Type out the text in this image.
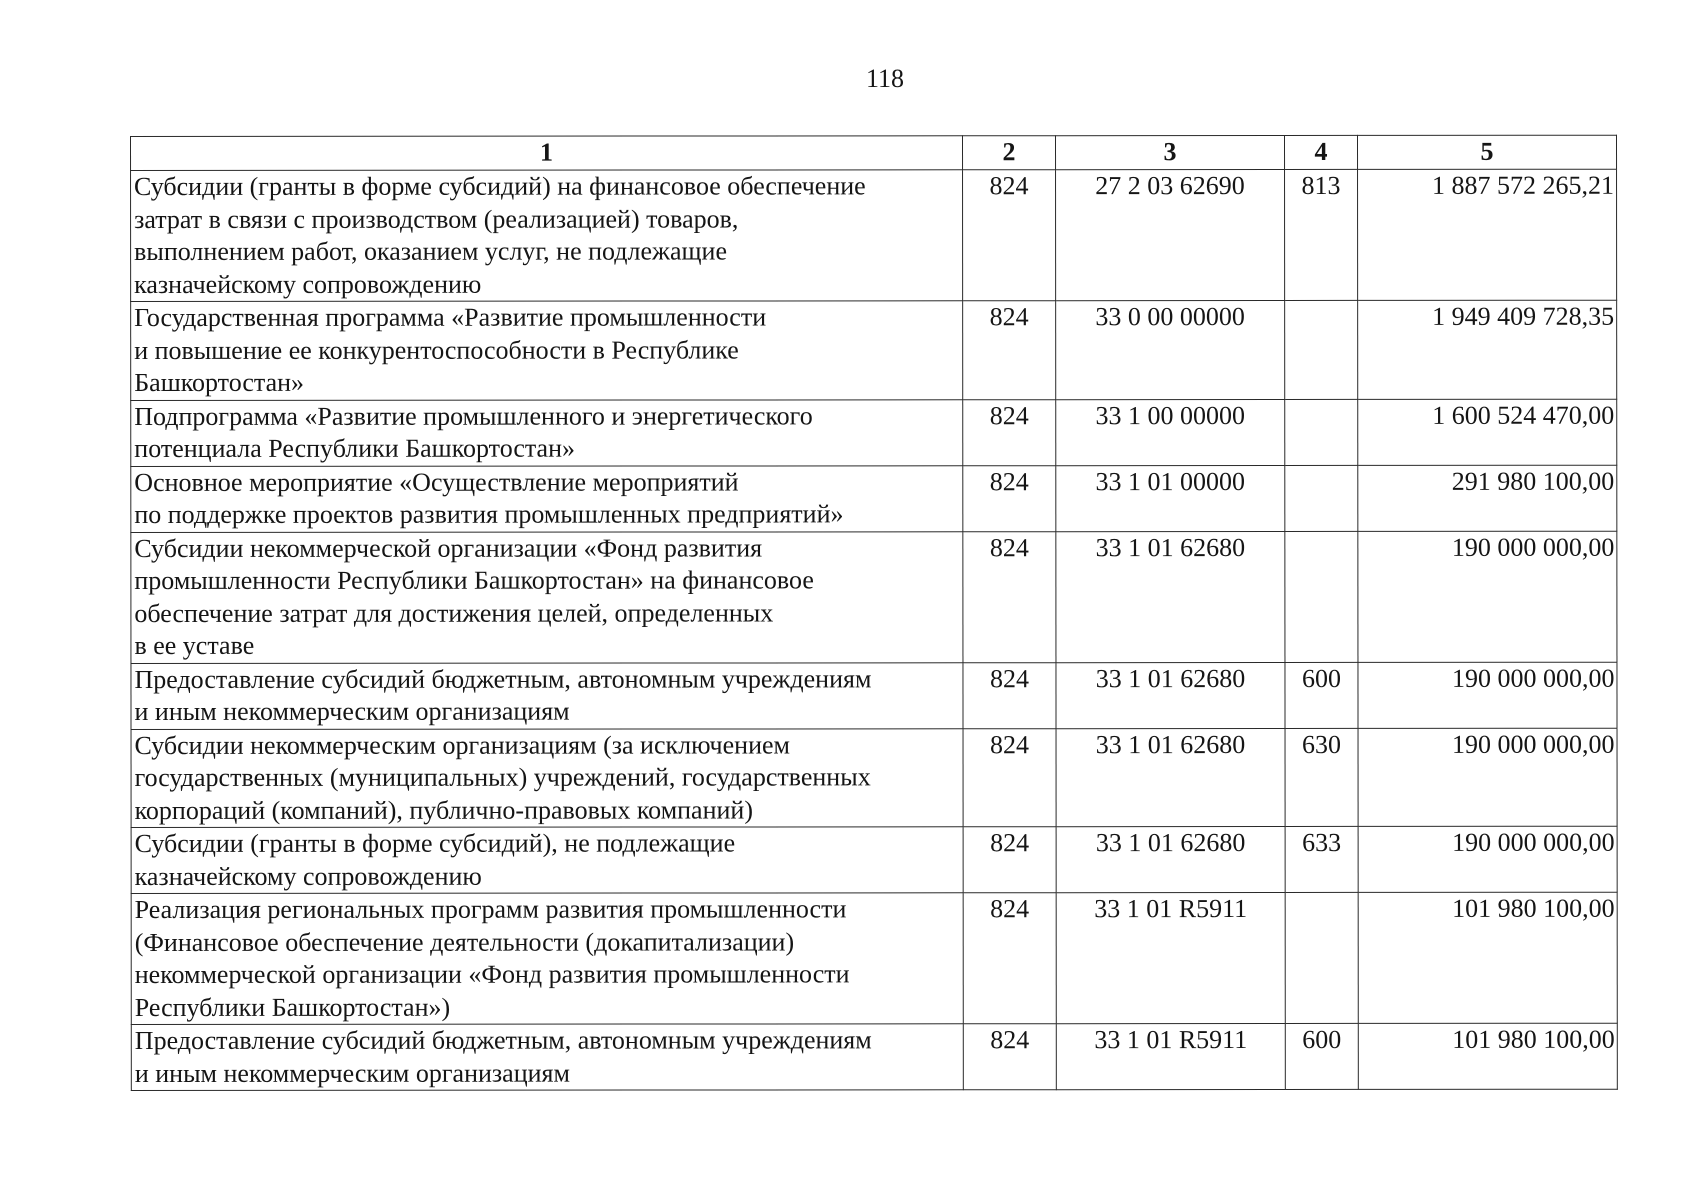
118
1	2	3	4	5

Субсидии (гранты в форме субсидий) на финансовое обеспечение
затрат в связи с производством (реализацией) товаров,
выполнением работ, оказанием услуг, не подлежащие
казначейскому сопровождению	824	27 2 03 62690	813	1 887 572 265,21

Государственная программа «Развитие промышленности
и повышение ее конкурентоспособности в Республике
Башкортостан»	824	33 0 00 00000		1 949 409 728,35

Подпрограмма «Развитие промышленного и энергетического
потенциала Республики Башкортостан»	824	33 1 00 00000		1 600 524 470,00

Основное мероприятие «Осуществление мероприятий
по поддержке проектов развития промышленных предприятий»	824	33 1 01 00000		291 980 100,00

Субсидии некоммерческой организации «Фонд развития
промышленности Республики Башкортостан» на финансовое
обеспечение затрат для достижения целей, определенных
в ее уставе	824	33 1 01 62680		190 000 000,00

Предоставление субсидий бюджетным, автономным учреждениям
и иным некоммерческим организациям	824	33 1 01 62680	600	190 000 000,00

Субсидии некоммерческим организациям (за исключением
государственных (муниципальных) учреждений, государственных
корпораций (компаний), публично-правовых компаний)	824	33 1 01 62680	630	190 000 000,00

Субсидии (гранты в форме субсидий), не подлежащие
казначейскому сопровождению	824	33 1 01 62680	633	190 000 000,00

Реализация региональных программ развития промышленности
(Финансовое обеспечение деятельности (докапитализации)
некоммерческой организации «Фонд развития промышленности
Республики Башкортостан»)	824	33 1 01 R5911		101 980 100,00

Предоставление субсидий бюджетным, автономным учреждениям
и иным некоммерческим организациям	824	33 1 01 R5911	600	101 980 100,00
